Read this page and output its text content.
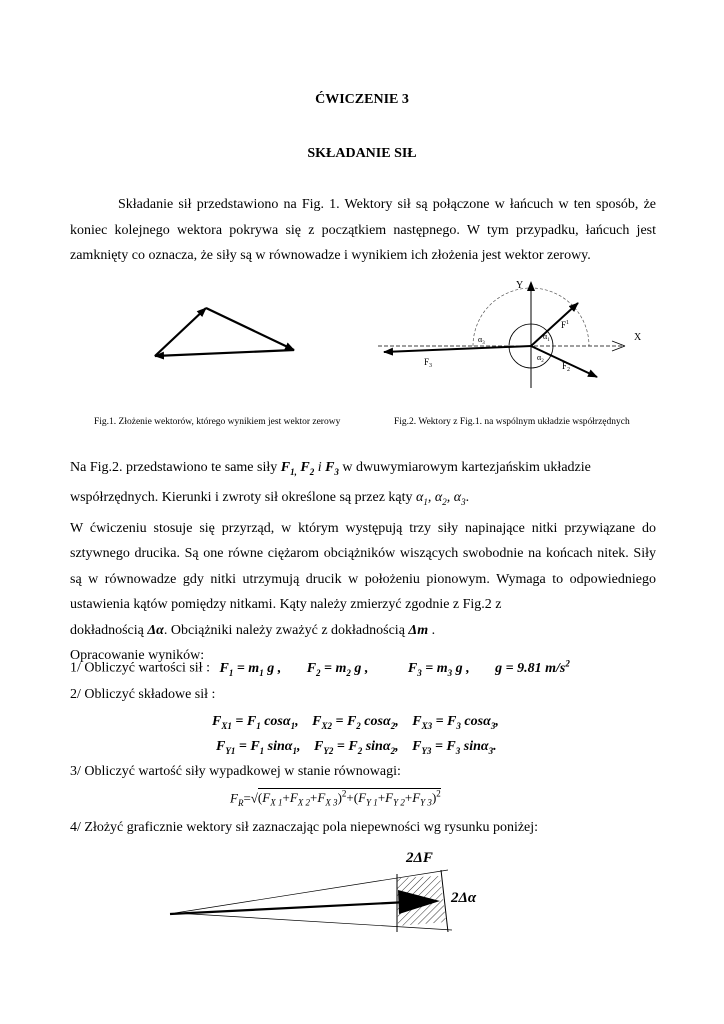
ĆWICZENIE 3
SKŁADANIE SIŁ

Składanie sił przedstawiono na Fig. 1. Wektory sił są połączone w łańcuch w ten sposób, że koniec kolejnego wektora pokrywa się z początkiem następnego. W tym przypadku, łańcuch jest zamknięty co oznacza, że siły są w równowadze i wynikiem ich złożenia jest wektor zerowy.

Y
X
$F^1$
$F_2$
$F_3$
$\alpha_1$
$\alpha_2$
$\alpha_3$
Fig.1. Złożenie wektorów, którego wynikiem jest wektor zerowy	Fig.2. Wektory z Fig.1. na wspólnym układzie współrzędnych

Na Fig.2. przedstawiono te same siły $F_{1,}$ $F_2$ i $F_3$ w dwuwymiarowym kartezjańskim układzie

współrzędnych. Kierunki i zwroty sił określone są przez kąty $\alpha_1$, $\alpha_2$, $\alpha_3$.

W ćwiczeniu stosuje się przyrząd, w którym występują trzy siły napinające nitki przywiązane do sztywnego drucika. Są one równe ciężarom obciążników wiszących swobodnie na końcach nitek. Siły są w równowadze gdy nitki utrzymują drucik w położeniu pionowym. Wymaga to odpowiedniego ustawienia kątów pomiędzy nitkami. Kąty należy zmierzyć zgodnie z Fig.2 z

dokładnością Δα. Obciążniki należy zważyć z dokładnością Δm .

Opracowanie wyników:

1/ Obliczyć wartości sił : $F_1 = m_1$ g , $F_2 = m_2$ g ,	$F_3 = m_3$ g , g = 9.81 $m/s^2$
2/ Obliczyć składowe sił :
$F_{X1} = F_1$ cosα$_1$, $F_{X2} = F_2$ cosα$_2$, $F_{X3} = F_3$ cosα$_3$,
$F_{Y1} = F_1$ sinα$_1$, $F_{Y2} = F_2$ sinα$_2$, $F_{Y3} = F_3$ sinα$_3$.
3/ Obliczyć wartość siły wypadkowej w stanie równowagi:
$F_R=√(F_{X 1}+F_{X 2}+F_{X 3})^2+(F_{Y 1}+F_{Y 2}+F_{Y 3})^2$
4/ Złożyć graficznie wektory sił zaznaczając pola niepewności wg rysunku poniżej:
2ΔF
2Δα
